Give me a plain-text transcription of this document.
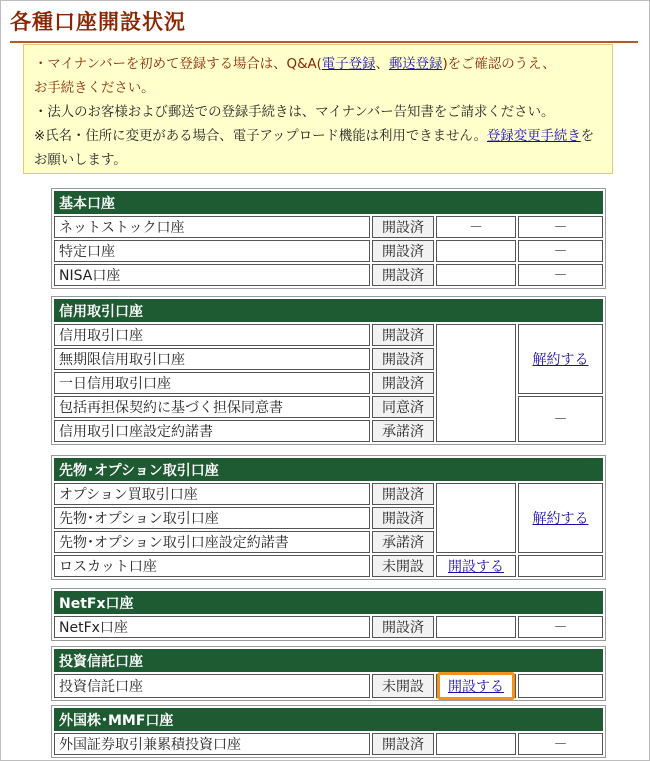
各種口座開設状況
・マイナンバーを初めて登録する場合は、Q&A(電子登録、郵送登録)をご確認のうえ、
お手続きください。
・法人のお客様および郵送での登録手続きは、マイナンバー告知書をご請求ください。
※氏名・住所に変更がある場合、電子アップロード機能は利用できません。登録変更手続きをお願いします。
基本口座			
ネットストック口座	開設済	－	－
特定口座	開設済		－
NISA口座	開設済		－
信用取引口座			
信用取引口座	開設済		解約する
無期限信用取引口座	開設済		
一日信用取引口座	開設済		
包括再担保契約に基づく担保同意書	同意済		－
信用取引口座設定約諾書	承諾済		
先物･オプション取引口座			
オプション買取引口座	開設済		解約する
先物･オプション取引口座	開設済		
先物･オプション取引口座設定約諾書	承諾済		
ロスカット口座	未開設	開設する	
NetFx口座
NetFx口座	開設済		－
投資信託口座
投資信託口座	未開設	開設する	
外国株･MMF口座
外国証券取引兼累積投資口座	開設済		－
